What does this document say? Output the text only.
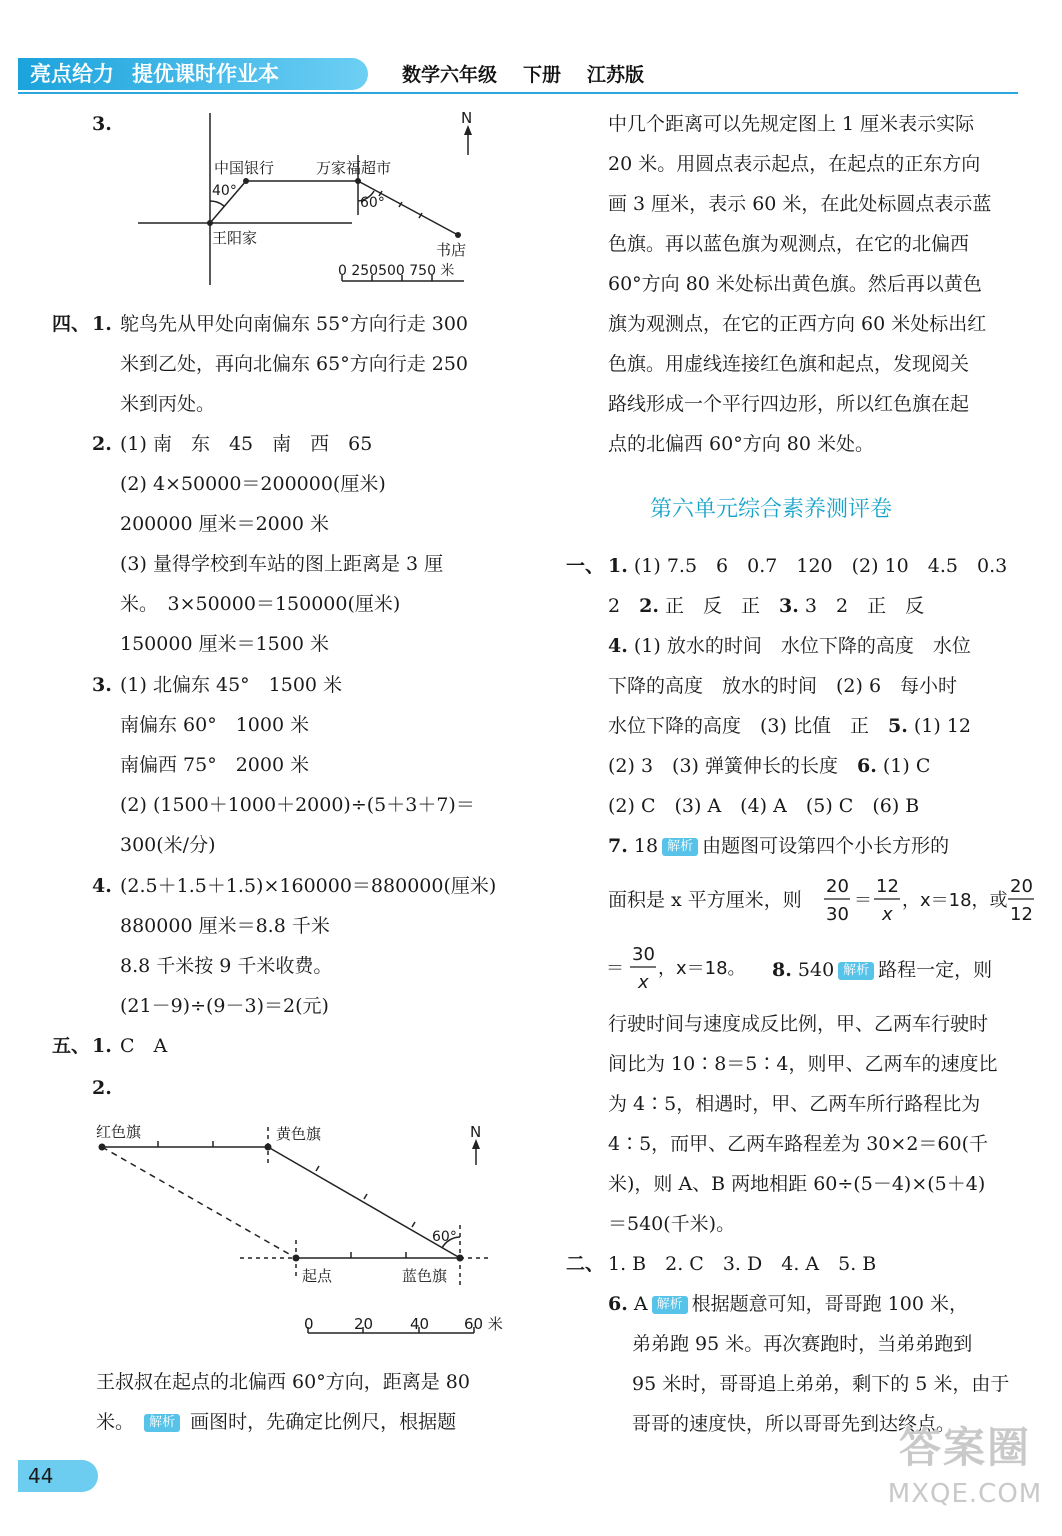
亮点给力 提优课时作业本	数学六年级 下册 江苏版
3.
中国银行	万家福超市
40°
60°
王阳家
书店
N
0 250500 750 米
四、 1. 鸵鸟先从甲处向南偏东 55°方向行走 300
米到乙处，再向北偏东 65°方向行走 250
米到丙处。
2. (1) 南　东　45　南　西　65
(2) 4×50000＝200000(厘米)
200000 厘米＝2000 米
(3) 量得学校到车站的图上距离是 3 厘
米。　3×50000＝150000(厘米)
150000 厘米＝1500 米
3. (1) 北偏东 45°　1500 米
南偏东 60°　1000 米
南偏西 75°　2000 米
(2) (1500＋1000＋2000)÷(5＋3＋7)＝
300(米/分)
4. (2.5＋1.5＋1.5)×160000＝880000(厘米)
880000 厘米＝8.8 千米
8.8 千米按 9 千米收费。
(21－9)÷(9－3)＝2(元)
五、 1. C　A
2.
红色旗	黄色旗
起点	蓝色旗
60°
N
0	20 40 60 米
王叔叔在起点的北偏西 60°方向，距离是 80
米。 解析 画图时，先确定比例尺，根据题
中几个距离可以先规定图上 1 厘米表示实际
20 米。用圆点表示起点，在起点的正东方向
画 3 厘米，表示 60 米，在此处标圆点表示蓝
色旗。再以蓝色旗为观测点，在它的北偏西
60°方向 80 米处标出黄色旗。然后再以黄色
旗为观测点，在它的正西方向 60 米处标出红
色旗。用虚线连接红色旗和起点，发现阅关
路线形成一个平行四边形，所以红色旗在起
点的北偏西 60°方向 80 米处。
第六单元综合素养测评卷
一、 1. (1) 7.5　6　0.7　120　(2) 10　4.5　0.3
2　2. 正　反　正　3. 3　2　正　反
4. (1) 放水的时间　水位下降的高度　水位
下降的高度　放水的时间　(2) 6　每小时
水位下降的高度　(3) 比值　正　5. (1) 12
(2) 3　(3) 弹簧伸长的长度　6. (1) C
(2) C　(3) A　(4) A　(5) C　(6) B
7. 18 解析 由题图可设第四个小长方形的
面积是 x 平方厘米，则
20
30
＝
12
x
，x＝18，或
20
12
＝
30
x
，x＝18。　 8. 540 解析 路程一定，则
行驶时间与速度成反比例，甲、乙两车行驶时
间比为 10∶8＝5∶4，则甲、乙两车的速度比
为 4∶5，相遇时，甲、乙两车所行路程比为
4∶5，而甲、乙两车路程差为 30×2＝60(千
米)，则 A、B 两地相距 60÷(5－4)×(5＋4)
＝540(千米)。
二、 1. B　2. C　3. D　4. A　5. B
6. A 解析 根据题意可知，哥哥跑 100 米，
弟弟跑 95 米。再次赛跑时，当弟弟跑到
95 米时，哥哥追上弟弟，剩下的 5 米，由于
哥哥的速度快，所以哥哥先到达终点。
44
答案圈
MXQE.COM
